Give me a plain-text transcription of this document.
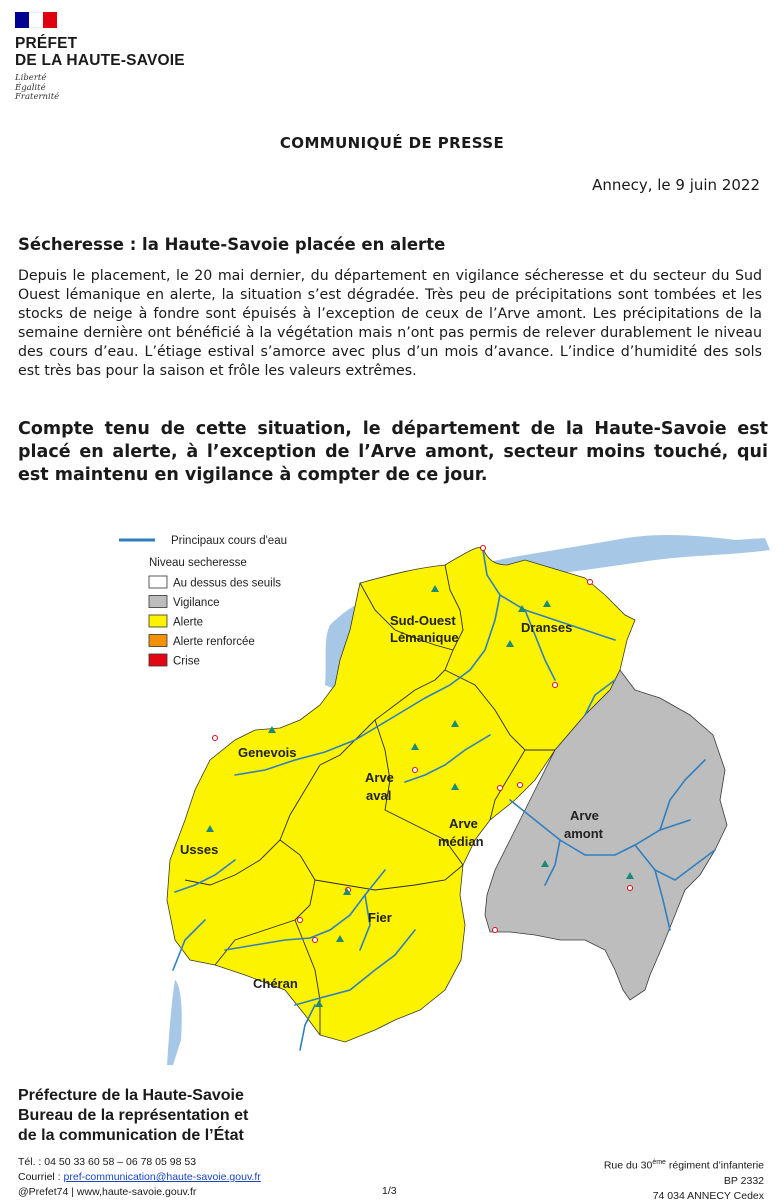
PRÉFET
DE LA HAUTE-SAVOIE
Liberté
Égalité
Fraternité
COMMUNIQUÉ DE PRESSE
Annecy, le 9 juin 2022
Sécheresse : la Haute-Savoie placée en alerte
Depuis le placement, le 20 mai dernier, du département en vigilance sécheresse et du secteur du Sud Ouest lémanique en alerte, la situation s’est dégradée. Très peu de précipitations sont tombées et les stocks de neige à fondre sont épuisés à l’exception de ceux de l’Arve amont. Les précipitations de la semaine dernière ont bénéficié à la végétation mais n’ont pas permis de relever durablement le niveau des cours d’eau. L’étiage estival s’amorce avec plus d’un mois d’avance. L’indice d’humidité des sols est très bas pour la saison et frôle les valeurs extrêmes.
Compte tenu de cette situation, le département de la Haute-Savoie est placé en alerte, à l’exception de l’Arve amont, secteur moins touché, qui est maintenu en vigilance à compter de ce jour.
Sud-Ouest
Lémanique
Dranses
Genevois
Arve
aval
Arve
médian
Arve
amont
Usses
Fier
Chéran
Principaux cours d'eau
Niveau secheresse
Au dessus des seuils
Vigilance
Alerte
Alerte renforcée
Crise
Préfecture de la Haute-Savoie
Bureau de la représentation et
de la communication de l’État
Tél. : 04 50 33 60 58 – 06 78 05 98 53
Courriel : pref-communication@haute-savoie.gouv.fr
@Prefet74 | www,haute-savoie.gouv.fr	1/3
Rue du 30ème régiment d’infanterie
BP 2332
74 034 ANNECY Cedex
